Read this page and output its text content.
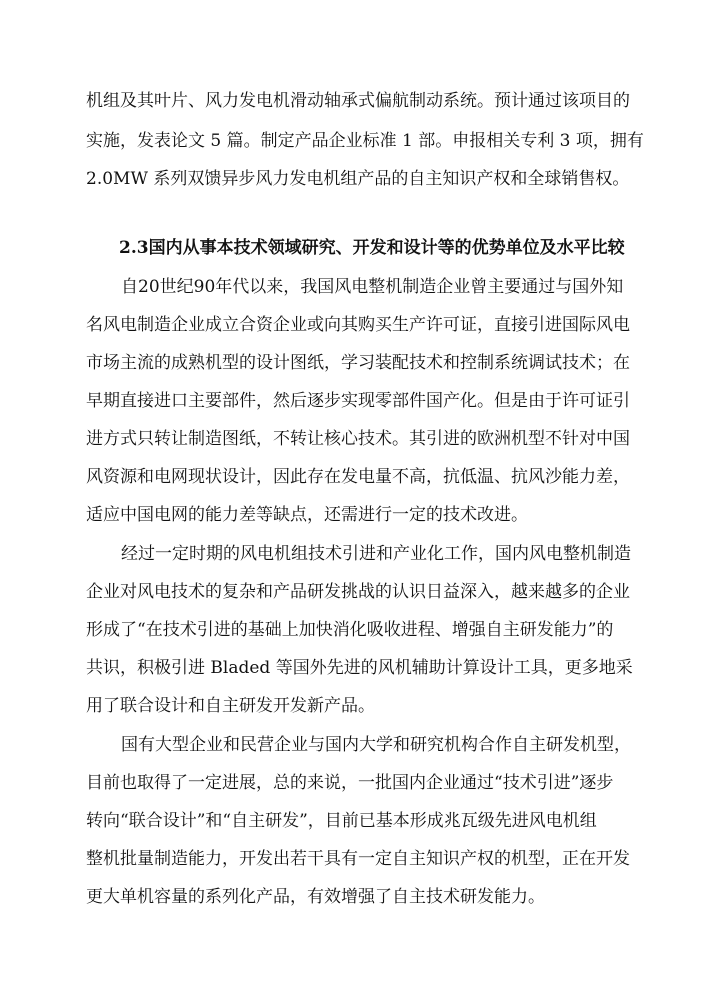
机组及其叶片、风力发电机滑动轴承式偏航制动系统。预计通过该项目的
实施，发表论文 5 篇。制定产品企业标准 1 部。申报相关专利 3 项，拥有
2.0MW 系列双馈异步风力发电机组产品的自主知识产权和全球销售权。
2.3国内从事本技术领域研究、开发和设计等的优势单位及水平比较
自20世纪90年代以来，我国风电整机制造企业曾主要通过与国外知
名风电制造企业成立合资企业或向其购买生产许可证，直接引进国际风电
市场主流的成熟机型的设计图纸，学习装配技术和控制系统调试技术；在
早期直接进口主要部件，然后逐步实现零部件国产化。但是由于许可证引
进方式只转让制造图纸，不转让核心技术。其引进的欧洲机型不针对中国
风资源和电网现状设计，因此存在发电量不高，抗低温、抗风沙能力差，
适应中国电网的能力差等缺点，还需进行一定的技术改进。
经过一定时期的风电机组技术引进和产业化工作，国内风电整机制造
企业对风电技术的复杂和产品研发挑战的认识日益深入，越来越多的企业
形成了“在技术引进的基础上加快消化吸收进程、增强自主研发能力”的
共识，积极引进 Bladed 等国外先进的风机辅助计算设计工具，更多地采
用了联合设计和自主研发开发新产品。
国有大型企业和民营企业与国内大学和研究机构合作自主研发机型，
目前也取得了一定进展，总的来说，一批国内企业通过“技术引进”逐步
转向“联合设计”和“自主研发”，目前已基本形成兆瓦级先进风电机组
整机批量制造能力，开发出若干具有一定自主知识产权的机型，正在开发
更大单机容量的系列化产品，有效增强了自主技术研发能力。
